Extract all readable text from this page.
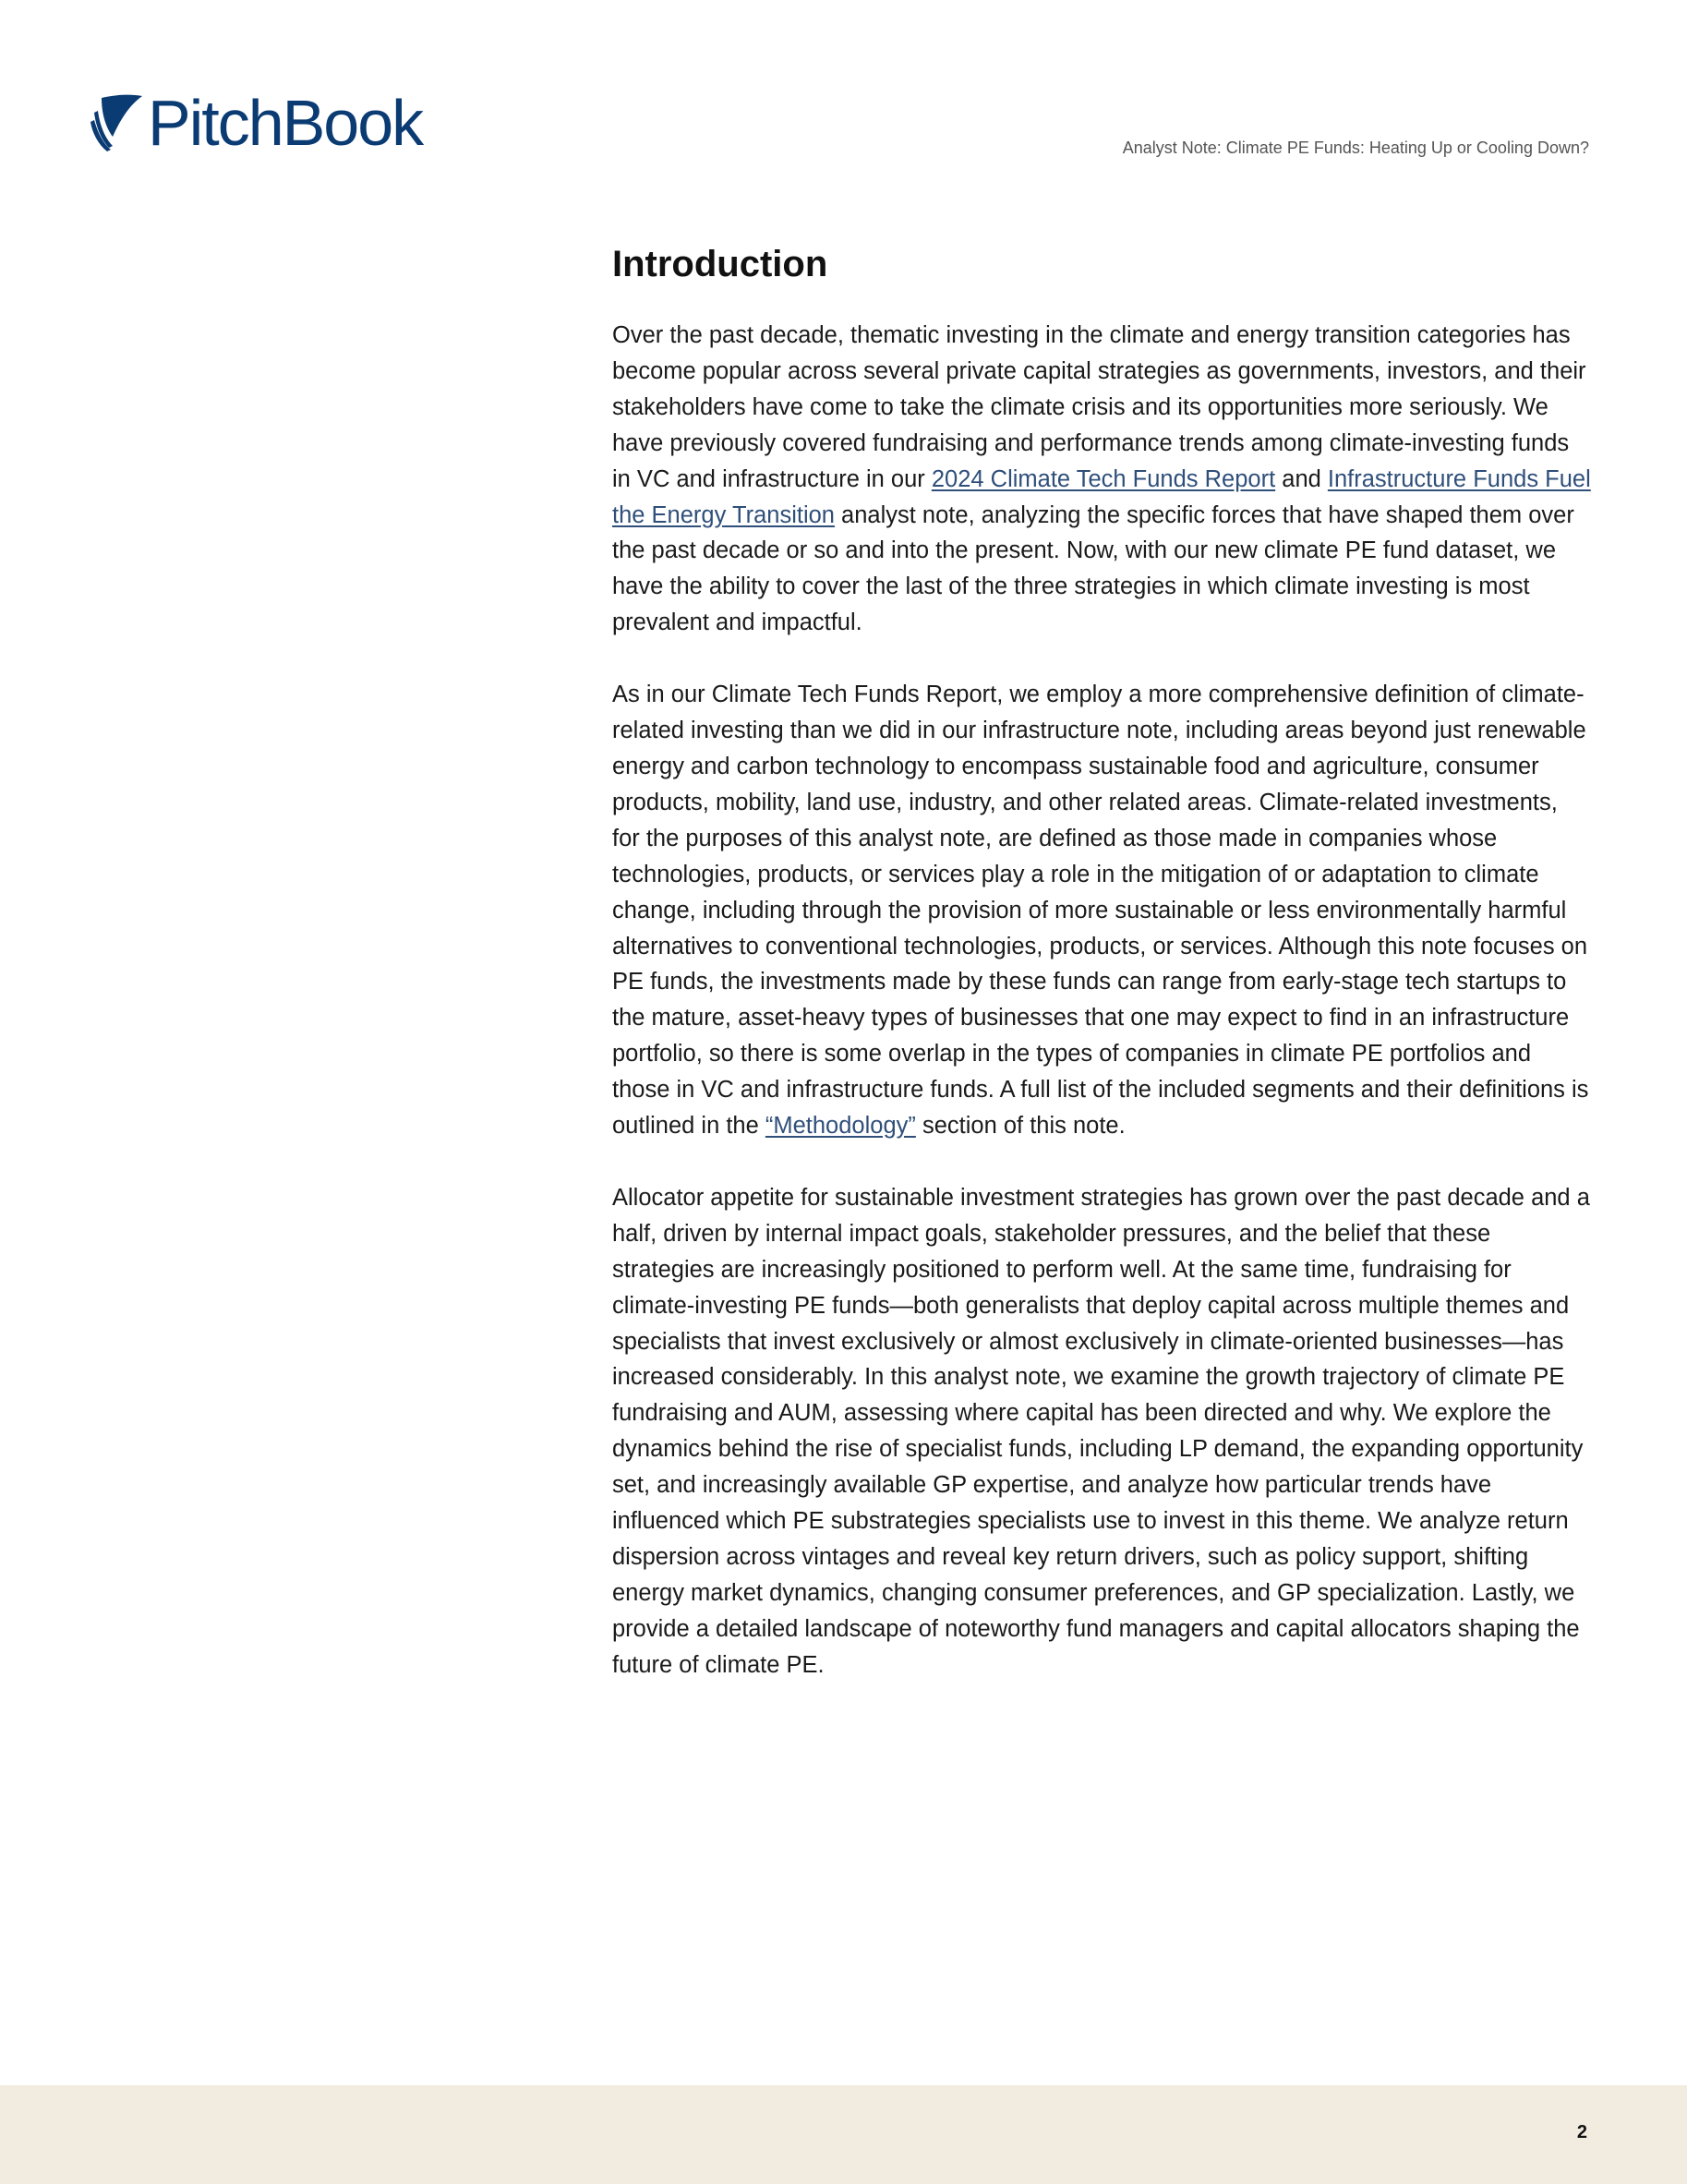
PitchBook	Analyst Note: Climate PE Funds: Heating Up or Cooling Down?
Introduction

Over the past decade, thematic investing in the climate and energy transition categories has become popular across several private capital strategies as governments, investors, and their stakeholders have come to take the climate crisis and its opportunities more seriously. We have previously covered fundraising and performance trends among climate-investing funds in VC and infrastructure in our 2024 Climate Tech Funds Report and Infrastructure Funds Fuel the Energy Transition analyst note, analyzing the specific forces that have shaped them over the past decade or so and into the present. Now, with our new climate PE fund dataset, we have the ability to cover the last of the three strategies in which climate investing is most prevalent and impactful.

As in our Climate Tech Funds Report, we employ a more comprehensive definition of climate-related investing than we did in our infrastructure note, including areas beyond just renewable energy and carbon technology to encompass sustainable food and agriculture, consumer products, mobility, land use, industry, and other related areas. Climate-related investments, for the purposes of this analyst note, are defined as those made in companies whose technologies, products, or services play a role in the mitigation of or adaptation to climate change, including through the provision of more sustainable or less environmentally harmful alternatives to conventional technologies, products, or services. Although this note focuses on PE funds, the investments made by these funds can range from early-stage tech startups to the mature, asset-heavy types of businesses that one may expect to find in an infrastructure portfolio, so there is some overlap in the types of companies in climate PE portfolios and those in VC and infrastructure funds. A full list of the included segments and their definitions is outlined in the “Methodology” section of this note.

Allocator appetite for sustainable investment strategies has grown over the past decade and a half, driven by internal impact goals, stakeholder pressures, and the belief that these strategies are increasingly positioned to perform well. At the same time, fundraising for climate-investing PE funds—both generalists that deploy capital across multiple themes and specialists that invest exclusively or almost exclusively in climate-oriented businesses—has increased considerably. In this analyst note, we examine the growth trajectory of climate PE fundraising and AUM, assessing where capital has been directed and why. We explore the dynamics behind the rise of specialist funds, including LP demand, the expanding opportunity set, and increasingly available GP expertise, and analyze how particular trends have influenced which PE substrategies specialists use to invest in this theme. We analyze return dispersion across vintages and reveal key return drivers, such as policy support, shifting energy market dynamics, changing consumer preferences, and GP specialization. Lastly, we provide a detailed landscape of noteworthy fund managers and capital allocators shaping the future of climate PE.

2
